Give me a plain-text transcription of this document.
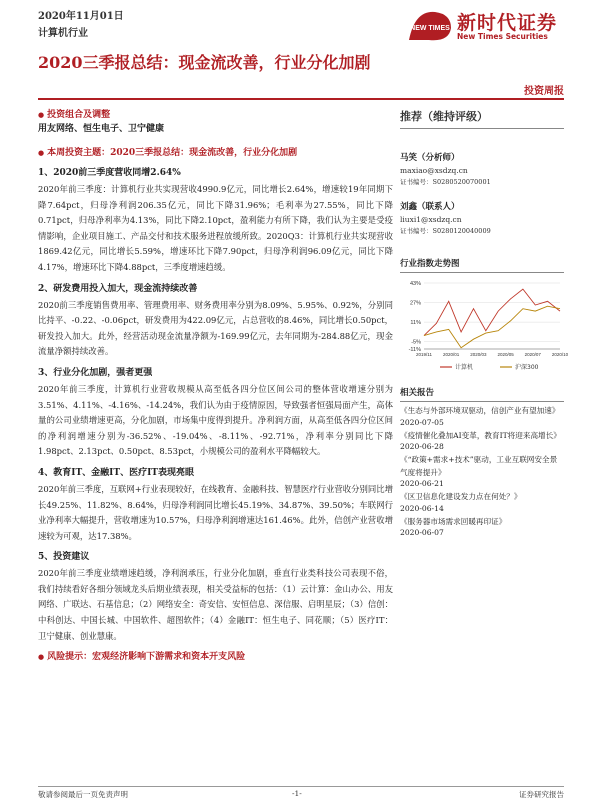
2020年11月01日
计算机行业	NEW TIMES 新时代证券
New Times Securities
2020三季报总结：现金流改善，行业分化加剧
投资周报
● 投资组合及调整
用友网络、恒生电子、卫宁健康
● 本周投资主题：2020三季报总结：现金流改善，行业分化加剧
1、2020前三季度营收同增2.64%
2020年前三季度：计算机行业共实现营收4990.9亿元，同比增长2.64%，增速较19年同期下降7.64pct，归母净利润206.35亿元，同比下降31.96%；毛利率为27.55%，同比下降0.71pct，归母净利率为4.13%，同比下降2.10pct，盈利能力有所下降，我们认为主要是受疫情影响，企业项目施工、产品交付和技术服务进程放缓所致。2020Q3：计算机行业共实现营收1869.42亿元，同比增长5.59%，增速环比下降7.90pct，归母净利润96.09亿元，同比下降4.17%，增速环比下降4.88pct，三季度增速趋缓。
2、研发费用投入加大，现金流持续改善
2020前三季度销售费用率、管理费用率、财务费用率分别为8.09%、5.95%、0.92%，分别同比持平、-0.22、-0.06pct，研发费用为422.09亿元，占总营收的8.46%，同比增长0.50pct，研发投入加大。此外，经营活动现金流量净额为-169.99亿元，去年同期为-284.88亿元，现金流量净额持续改善。
3、行业分化加剧，强者更强
2020年前三季度，计算机行业营收规模从高至低各四分位区间公司的整体营收增速分别为3.51%、4.11%、-4.16%、-14.24%，我们认为由于疫情原因，导致强者恒强局面产生，高体量的公司业绩增速更高，分化加剧，市场集中度得到提升。净利润方面，从高至低各四分位区间的净利润增速分别为-36.52%、-19.04%、-8.11%、-92.71%，净利率分别同比下降1.98pct、2.13pct、0.50pct、8.53pct，小规模公司的盈利水平降幅较大。
4、教育IT、金融IT、医疗IT表现亮眼
2020年前三季度，互联网+行业表现较好，在线教育、金融科技、智慧医疗行业营收分别同比增长49.25%、11.82%、8.64%，归母净利润同比增长45.19%、34.87%、39.50%；车联网行业净利率大幅提升，营收增速为10.57%，归母净利润增速达161.46%。此外，信创产业营收增速较为可观，达17.38%。
5、投资建议
2020年前三季度业绩增速趋缓，净利润承压，行业分化加剧，垂直行业类科技公司表现不俗，我们持续看好各细分领域龙头后期业绩表现，相关受益标的包括：（1）云计算：金山办公、用友网络、广联达、石基信息；（2）网络安全：奇安信、安恒信息、深信服、启明星辰；（3）信创：中科创达、中国长城、中国软件、超图软件；（4）金融IT：恒生电子、同花顺；（5）医疗IT：卫宁健康、创业慧康。
● 风险提示：宏观经济影响下游需求和资本开支风险
推荐（维持评级）
马笑（分析师）
maxiao@xsdzq.cn
证书编号：S0280520070001
刘鑫（联系人）
liuxi1@xsdzq.cn
证书编号：S0280120040009
行业指数走势图
43%
27%
11%
-5%
-11%
2019/11 2020/01 2020/03 2020/05 2020/07 2020/10
计算机	沪深300
相关报告
《生态与外部环境双驱动，信创产业有望加速》
2020-07-05
《疫情催化叠加AI变革，教育IT将迎来高增长》
2020-06-28
《“政策+需求+技术”驱动，工业互联网安全景气度将提升》
2020-06-21
《区卫信息化建设发力点在何处？》
2020-06-14
《服务器市场需求回暖再印证》
2020-06-07
敬请参阅最后一页免责声明	-1-	证券研究报告
